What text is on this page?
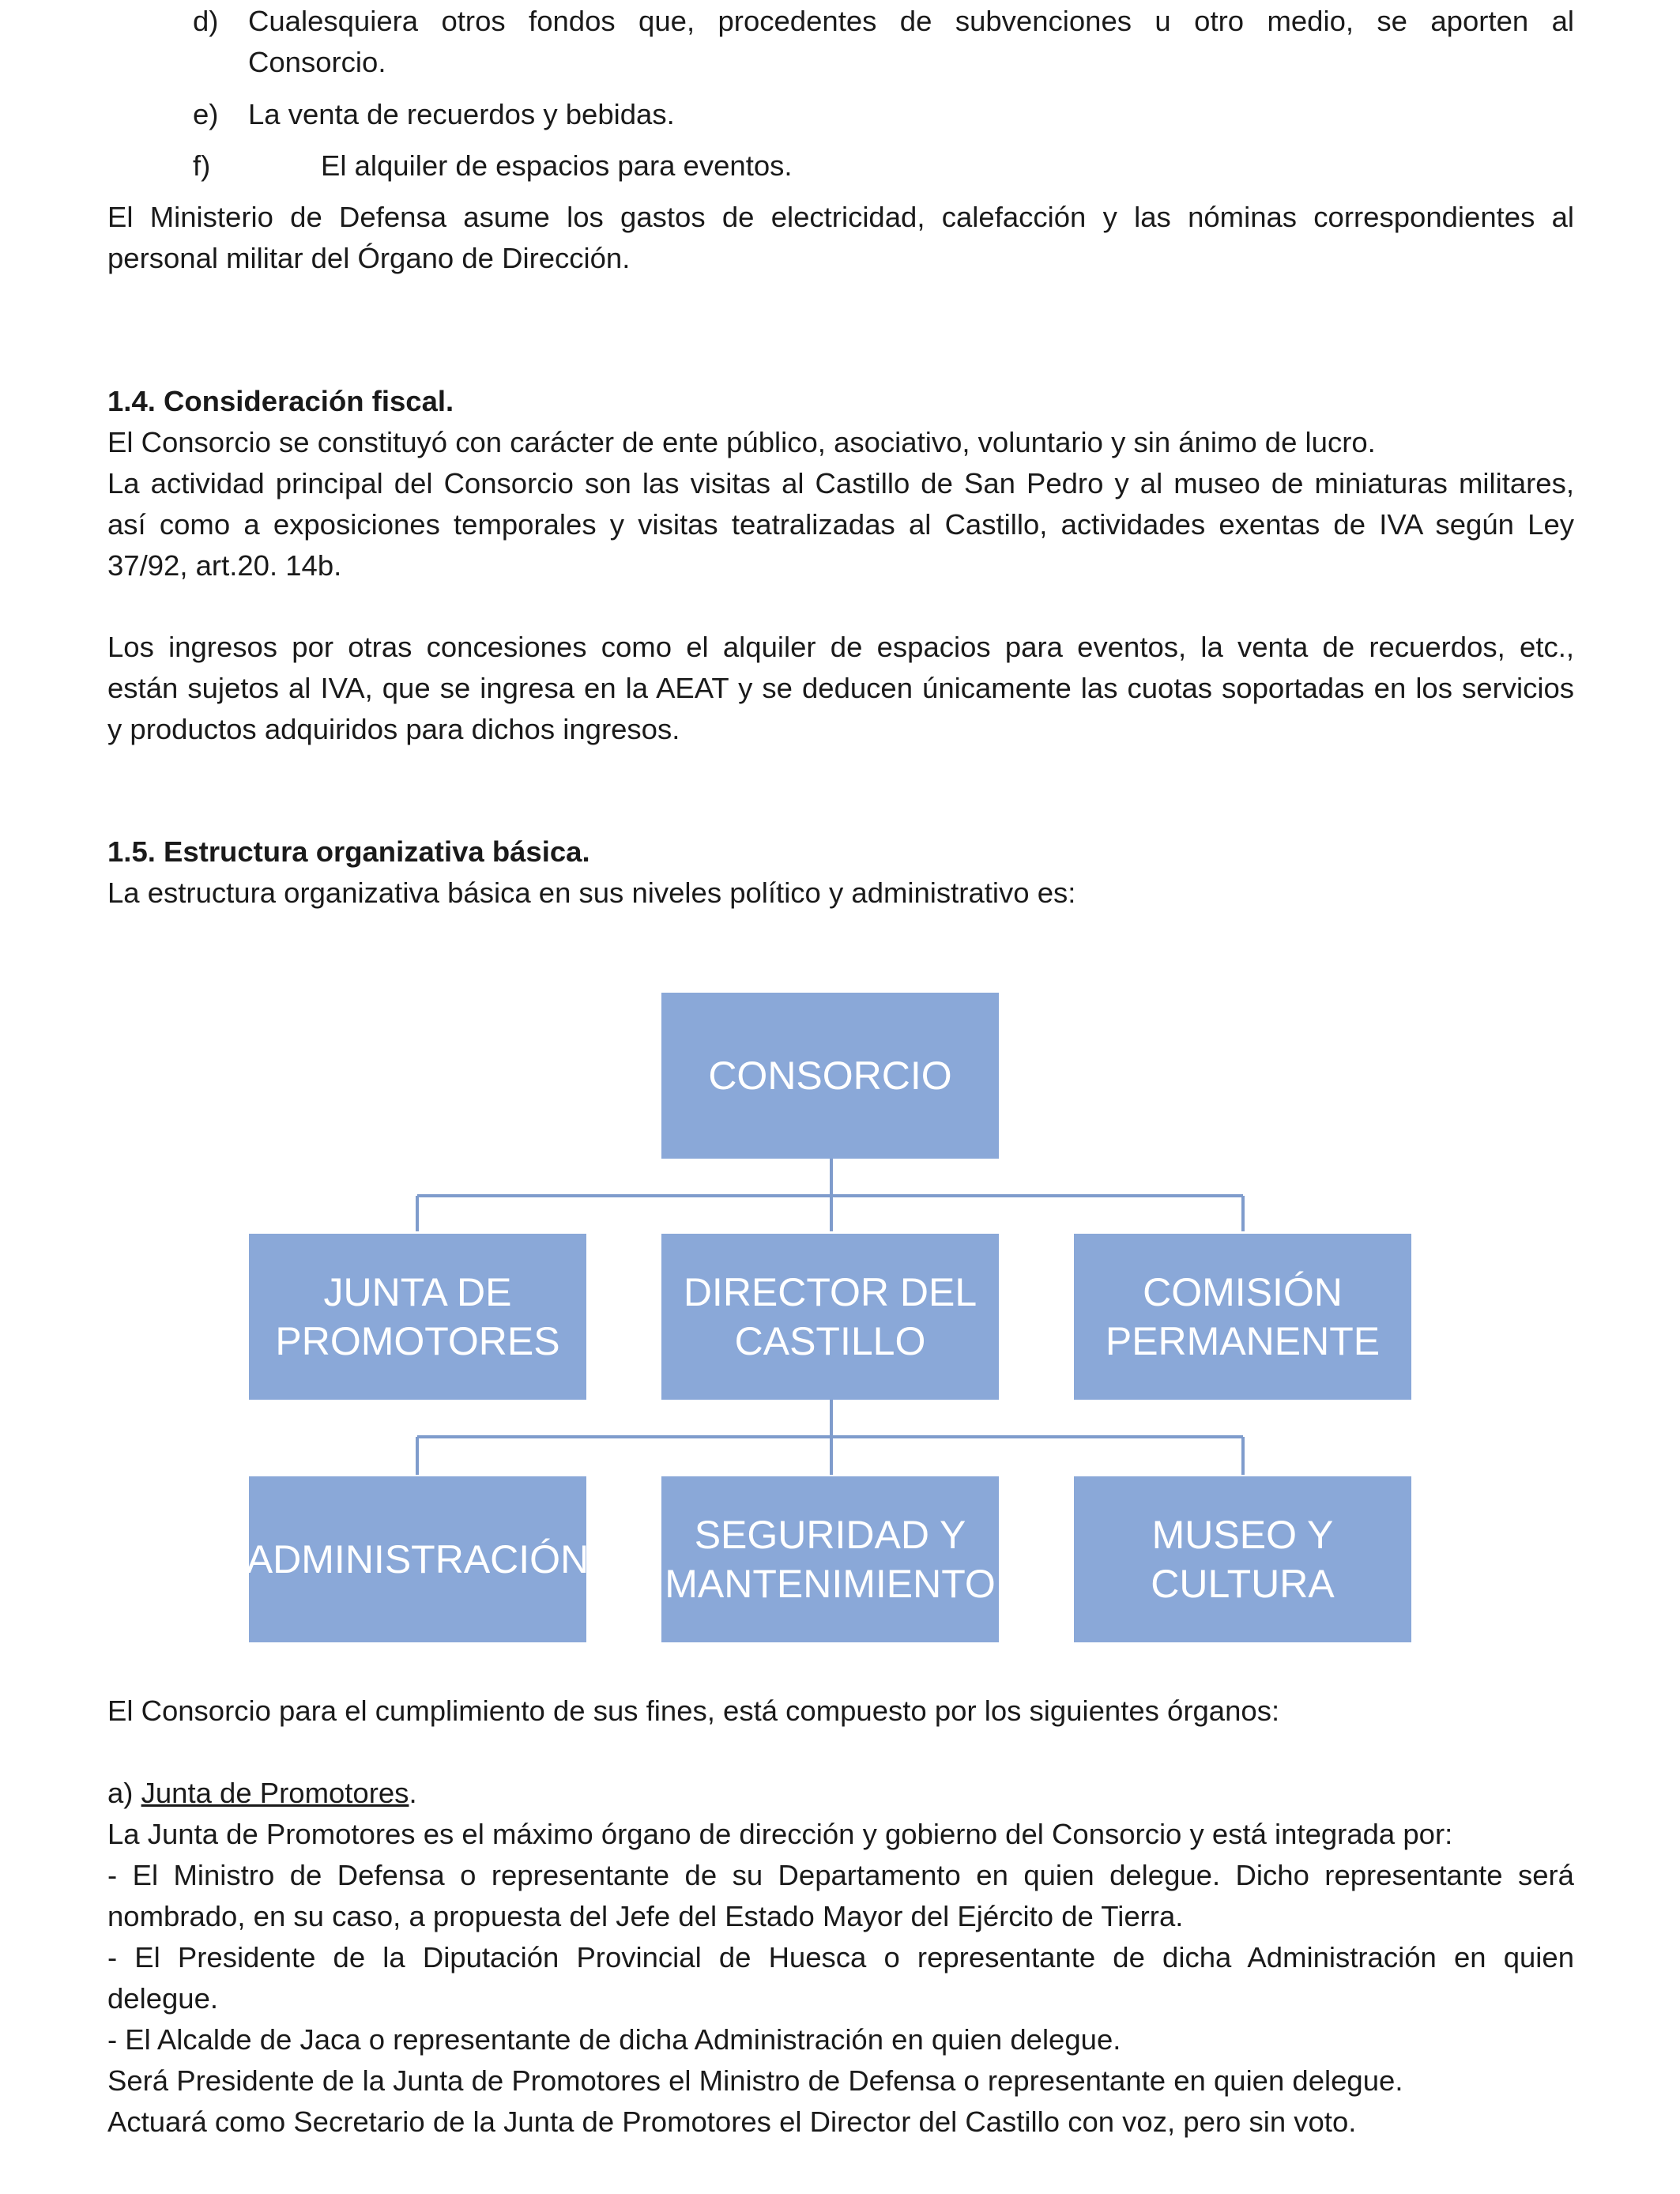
d) Cualesquiera otros fondos que, procedentes de subvenciones u otro medio, se aporten al
Consorcio.
e) La venta de recuerdos y bebidas.
f)	El alquiler de espacios para eventos.
El Ministerio de Defensa asume los gastos de electricidad, calefacción y las nóminas correspondientes al
personal militar del Órgano de Dirección.
1.4. Consideración fiscal.
El Consorcio se constituyó con carácter de ente público, asociativo, voluntario y sin ánimo de lucro.
La actividad principal del Consorcio son las visitas al Castillo de San Pedro y al museo de miniaturas militares,
así como a exposiciones temporales y visitas teatralizadas al Castillo, actividades exentas de IVA según Ley
37/92, art.20. 14b.
Los ingresos por otras concesiones como el alquiler de espacios para eventos, la venta de recuerdos, etc.,
están sujetos al IVA, que se ingresa en la AEAT y se deducen únicamente las cuotas soportadas en los servicios
y productos adquiridos para dichos ingresos.
1.5. Estructura organizativa básica.
La estructura organizativa básica en sus niveles político y administrativo es:
CONSORCIO
JUNTA DE
PROMOTORES
DIRECTOR DEL
CASTILLO
COMISIÓN
PERMANENTE
ADMINISTRACIÓN
SEGURIDAD Y
MANTENIMIENTO
MUSEO Y
CULTURA
El Consorcio para el cumplimiento de sus fines, está compuesto por los siguientes órganos:
a) Junta de Promotores.
La Junta de Promotores es el máximo órgano de dirección y gobierno del Consorcio y está integrada por:
- El Ministro de Defensa o representante de su Departamento en quien delegue. Dicho representante será
nombrado, en su caso, a propuesta del Jefe del Estado Mayor del Ejército de Tierra.
- El Presidente de la Diputación Provincial de Huesca o representante de dicha Administración en quien
delegue.
- El Alcalde de Jaca o representante de dicha Administración en quien delegue.
Será Presidente de la Junta de Promotores el Ministro de Defensa o representante en quien delegue.
Actuará como Secretario de la Junta de Promotores el Director del Castillo con voz, pero sin voto.
